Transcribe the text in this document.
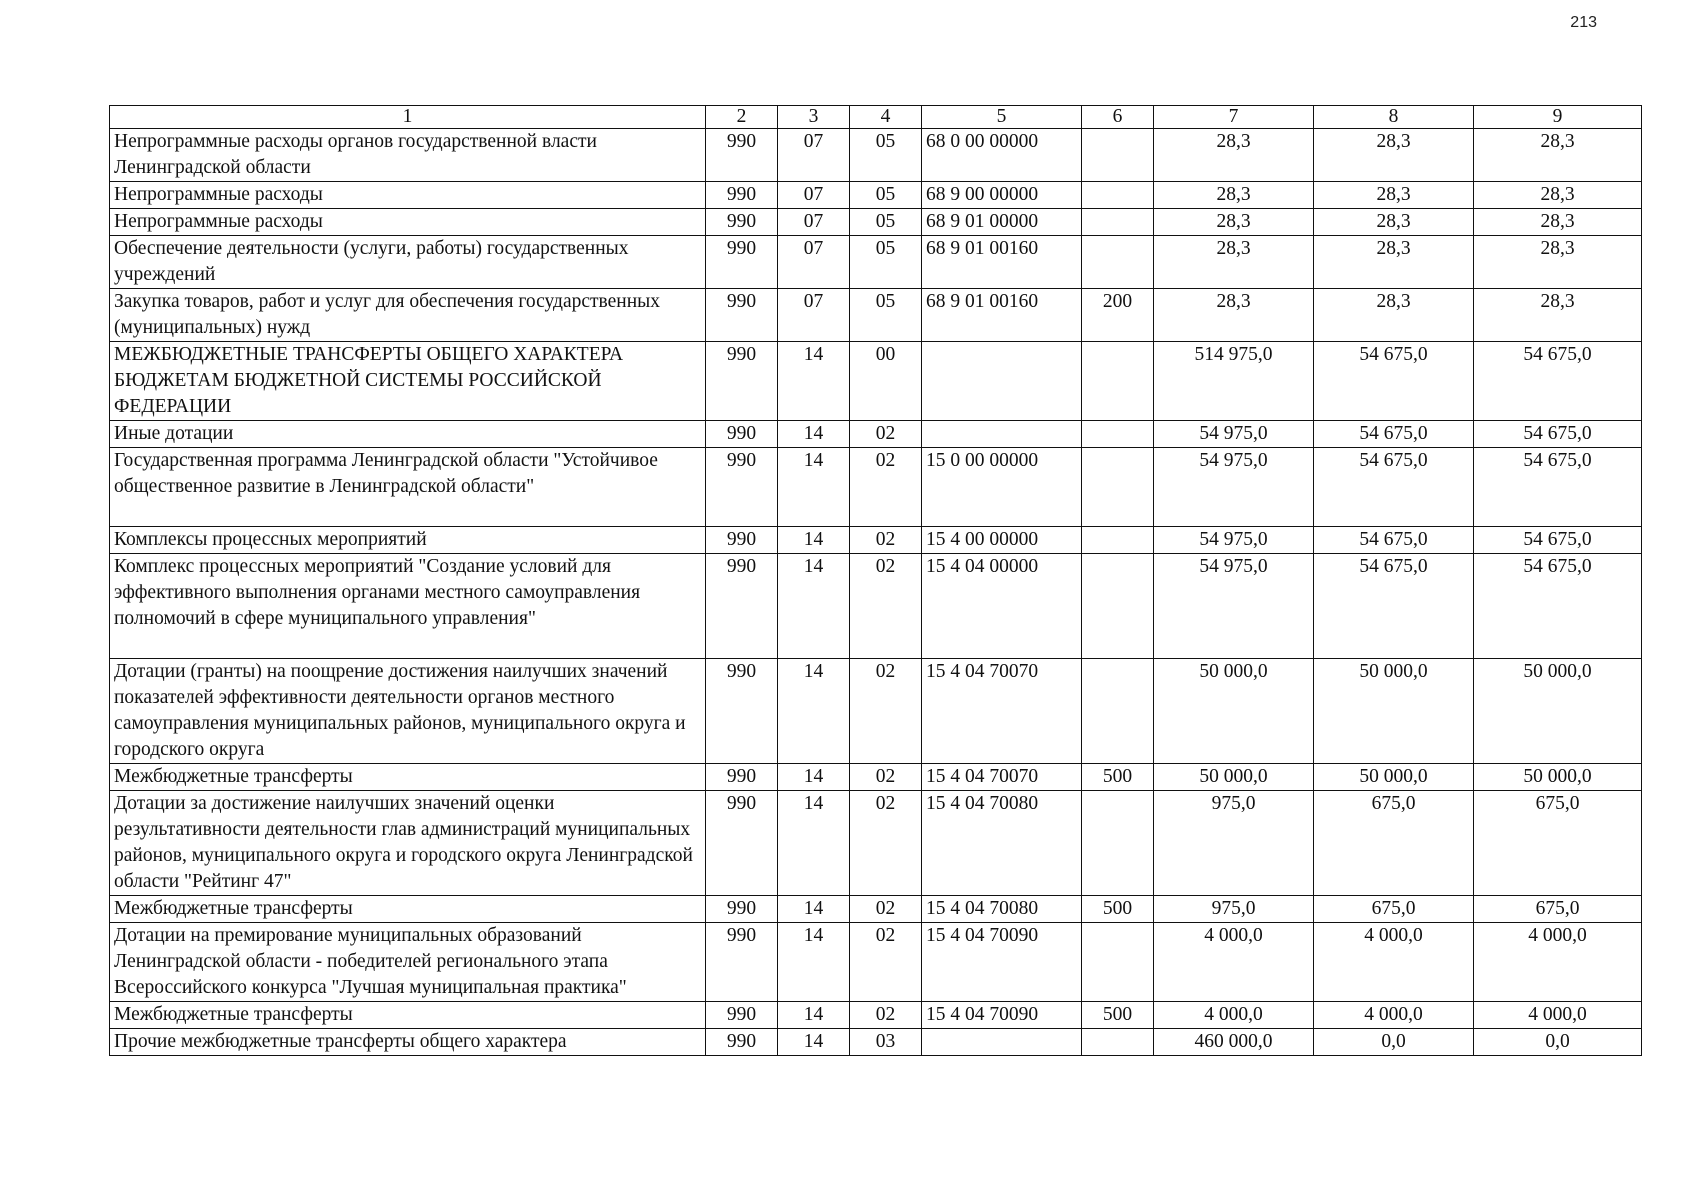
213
1	2	3	4	5	6	7	8	9
Непрограммные расходы органов государственной власти Ленинградской области	990	07	05	68 0 00 00000		28,3	28,3	28,3
Непрограммные расходы	990	07	05	68 9 00 00000		28,3	28,3	28,3
Непрограммные расходы	990	07	05	68 9 01 00000		28,3	28,3	28,3
Обеспечение деятельности (услуги, работы) государственных учреждений	990	07	05	68 9 01 00160		28,3	28,3	28,3
Закупка товаров, работ и услуг для обеспечения государственных (муниципальных) нужд	990	07	05	68 9 01 00160	200	28,3	28,3	28,3
МЕЖБЮДЖЕТНЫЕ ТРАНСФЕРТЫ ОБЩЕГО ХАРАКТЕРА БЮДЖЕТАМ БЮДЖЕТНОЙ СИСТЕМЫ РОССИЙСКОЙ ФЕДЕРАЦИИ	990	14	00			514 975,0	54 675,0	54 675,0
Иные дотации	990	14	02			54 975,0	54 675,0	54 675,0
Государственная программа Ленинградской области "Устойчивое общественное развитие в Ленинградской области"	990	14	02	15 0 00 00000		54 975,0	54 675,0	54 675,0
Комплексы процессных мероприятий	990	14	02	15 4 00 00000		54 975,0	54 675,0	54 675,0
Комплекс процессных мероприятий "Создание условий для эффективного выполнения органами местного самоуправления полномочий в сфере муниципального управления"	990	14	02	15 4 04 00000		54 975,0	54 675,0	54 675,0
Дотации (гранты) на поощрение достижения наилучших значений показателей эффективности деятельности органов местного самоуправления муниципальных районов, муниципального округа и городского округа	990	14	02	15 4 04 70070		50 000,0	50 000,0	50 000,0
Межбюджетные трансферты	990	14	02	15 4 04 70070	500	50 000,0	50 000,0	50 000,0
Дотации за достижение наилучших значений оценки результативности деятельности глав администраций муниципальных районов, муниципального округа и городского округа Ленинградской области "Рейтинг 47"	990	14	02	15 4 04 70080		975,0	675,0	675,0
Межбюджетные трансферты	990	14	02	15 4 04 70080	500	975,0	675,0	675,0
Дотации на премирование муниципальных образований Ленинградской области - победителей регионального этапа Всероссийского конкурса "Лучшая муниципальная практика"	990	14	02	15 4 04 70090		4 000,0	4 000,0	4 000,0
Межбюджетные трансферты	990	14	02	15 4 04 70090	500	4 000,0	4 000,0	4 000,0
Прочие межбюджетные трансферты общего характера	990	14	03			460 000,0	0,0	0,0
